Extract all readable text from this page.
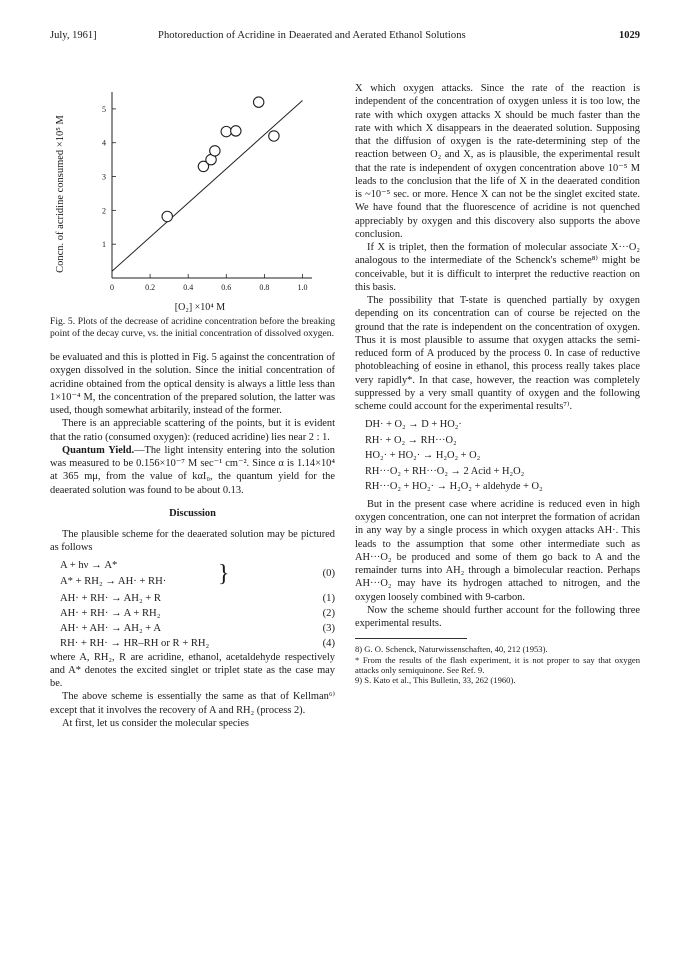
July, 1961]	Photoreduction of Acridine in Deaerated and Aerated Ethanol Solutions	1029
Concn. of acridine consumed ×10⁵ M
[O₂] ×10⁴ M
0	0.2	0.4	0.6	0.8	1.0
1
2
3
4
5

Fig. 5. Plots of the decrease of acridine concentration before the breaking point of the decay curve, vs. the initial concentration of dissolved oxygen.

be evaluated and this is plotted in Fig. 5 against the concentration of oxygen dissolved in the solution. Since the initial concentration of acridine obtained from the optical density is always a little less than 1×10⁻⁴ M, the concentration of the prepared solution, the latter was used, though somewhat arbitarily, instead of the former.

There is an appreciable scattering of the points, but it is evident that the ratio (consumed oxygen): (reduced acridine) lies near 2 : 1.

Quantum Yield.—The light intensity entering into the solution was measured to be 0.156×10⁻⁷ M sec⁻¹ cm⁻². Since α is 1.14×10⁴ at 365 mμ, from the value of kαI₀, the quantum yield for the deaerated solution was found to be about 0.13.

Discussion

The plausible scheme for the deaerated solution may be pictured as follows

A + hν → A*
A* + RH₂ → AH· + RH· }	(0)
AH· + RH· → AH₂ + R	(1)
AH· + RH· → A + RH₂	(2)
AH· + AH· → AH₂ + A	(3)
RH· + RH· → HR–RH or R + RH₂	(4)

where A, RH₂, R are acridine, ethanol, acetaldehyde respectively and A* denotes the excited singlet or triplet state as the case may be.

The above scheme is essentially the same as that of Kellman⁶⁾ except that it involves the recovery of A and RH₂ (process 2).

At first, let us consider the molecular species

X which oxygen attacks. Since the rate of the reaction is independent of the concentration of oxygen unless it is too low, the rate with which oxygen attacks X should be much faster than the rate with which X disappears in the deaerated solution. Supposing that the diffusion of oxygen is the rate-determining step of the reaction between O₂ and X, as is plausible, the experimental result that the rate is independent of oxygen concentration above 10⁻⁵ M leads to the conclusion that the life of X in the deaerated condition is ~10⁻⁵ sec. or more. Hence X can not be the singlet excited state. We have found that the fluorescence of acridine is not quenched appreciably by oxygen and this discovery also supports the above conclusion.

If X is triplet, then the formation of molecular associate X···O₂ analogous to the intermediate of the Schenck's scheme⁸⁾ might be conceivable, but it is difficult to interpret the reductive reaction on this basis.

The possibility that T-state is quenched partially by oxygen depending on its concentration can of course be rejected on the ground that the rate is independent on the concentration of oxygen. Thus it is most plausible to assume that oxygen attacks the semi-reduced form of A produced by the process 0. In case of reductive photobleaching of eosine in ethanol, this process really takes place very rapidly*. In that case, however, the reaction was completely suppressed by a very small quantity of oxygen and the following scheme could account for the experimental results⁷⁾.

DH· + O₂ → D + HO₂·
RH· + O₂ → RH···O₂
HO₂· + HO₂· → H₂O₂ + O₂
RH···O₂ + RH···O₂ → 2 Acid + H₂O₂
RH···O₂ + HO₂· → H₂O₂ + aldehyde + O₂

But in the present case where acridine is reduced even in high oxygen concentration, one can not interpret the formation of acridan in any way by a single process in which oxygen attacks AH·. This leads to the assumption that some other intermediate such as AH···O₂ be produced and some of them go back to A and the remainder turns into AH₂ through a bimolecular reaction. Perhaps AH···O₂ may have its hydrogen attached to nitrogen, and the oxygen loosely combined with 9-carbon.

Now the scheme should further account for the following three experimental results.

8) G. O. Schenck, Naturwissenschaften, 40, 212 (1953).
* From the results of the flash experiment, it is not proper to say that oxygen attacks only semiquinone. See Ref. 9.
9) S. Kato et al., This Bulletin, 33, 262 (1960).
